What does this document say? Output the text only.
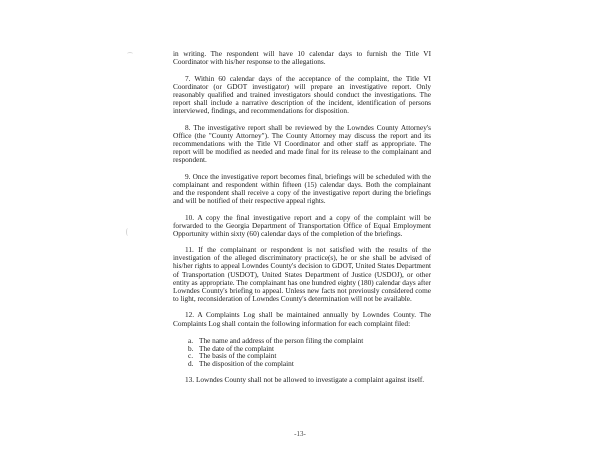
in writing. The respondent will have 10 calendar days to furnish the Title VI Coordinator with his/her response to the allegations.

7. Within 60 calendar days of the acceptance of the complaint, the Title VI Coordinator (or GDOT investigator) will prepare an investigative report. Only reasonably qualified and trained investigators should conduct the investigations. The report shall include a narrative description of the incident, identification of persons interviewed, findings, and recommendations for disposition.

8. The investigative report shall be reviewed by the Lowndes County Attorney's Office (the "County Attorney"). The County Attorney may discuss the report and its recommendations with the Title VI Coordinator and other staff as appropriate. The report will be modified as needed and made final for its release to the complainant and respondent.

9. Once the investigative report becomes final, briefings will be scheduled with the complainant and respondent within fifteen (15) calendar days. Both the complainant and the respondent shall receive a copy of the investigative report during the briefings and will be notified of their respective appeal rights.

10. A copy the final investigative report and a copy of the complaint will be forwarded to the Georgia Department of Transportation Office of Equal Employment Opportunity within sixty (60) calendar days of the completion of the briefings.

11. If the complainant or respondent is not satisfied with the results of the investigation of the alleged discriminatory practice(s), he or she shall be advised of his/her rights to appeal Lowndes County's decision to GDOT, United States Department of Transportation (USDOT), United States Department of Justice (USDOJ), or other entity as appropriate. The complainant has one hundred eighty (180) calendar days after Lowndes County's briefing to appeal. Unless new facts not previously considered come to light, reconsideration of Lowndes County's determination will not be available.

12. A Complaints Log shall be maintained annually by Lowndes County. The Complaints Log shall contain the following information for each complaint filed:

a. The name and address of the person filing the complaint
b. The date of the complaint
c. The basis of the complaint
d. The disposition of the complaint

13. Lowndes County shall not be allowed to investigate a complaint against itself.

-13-
